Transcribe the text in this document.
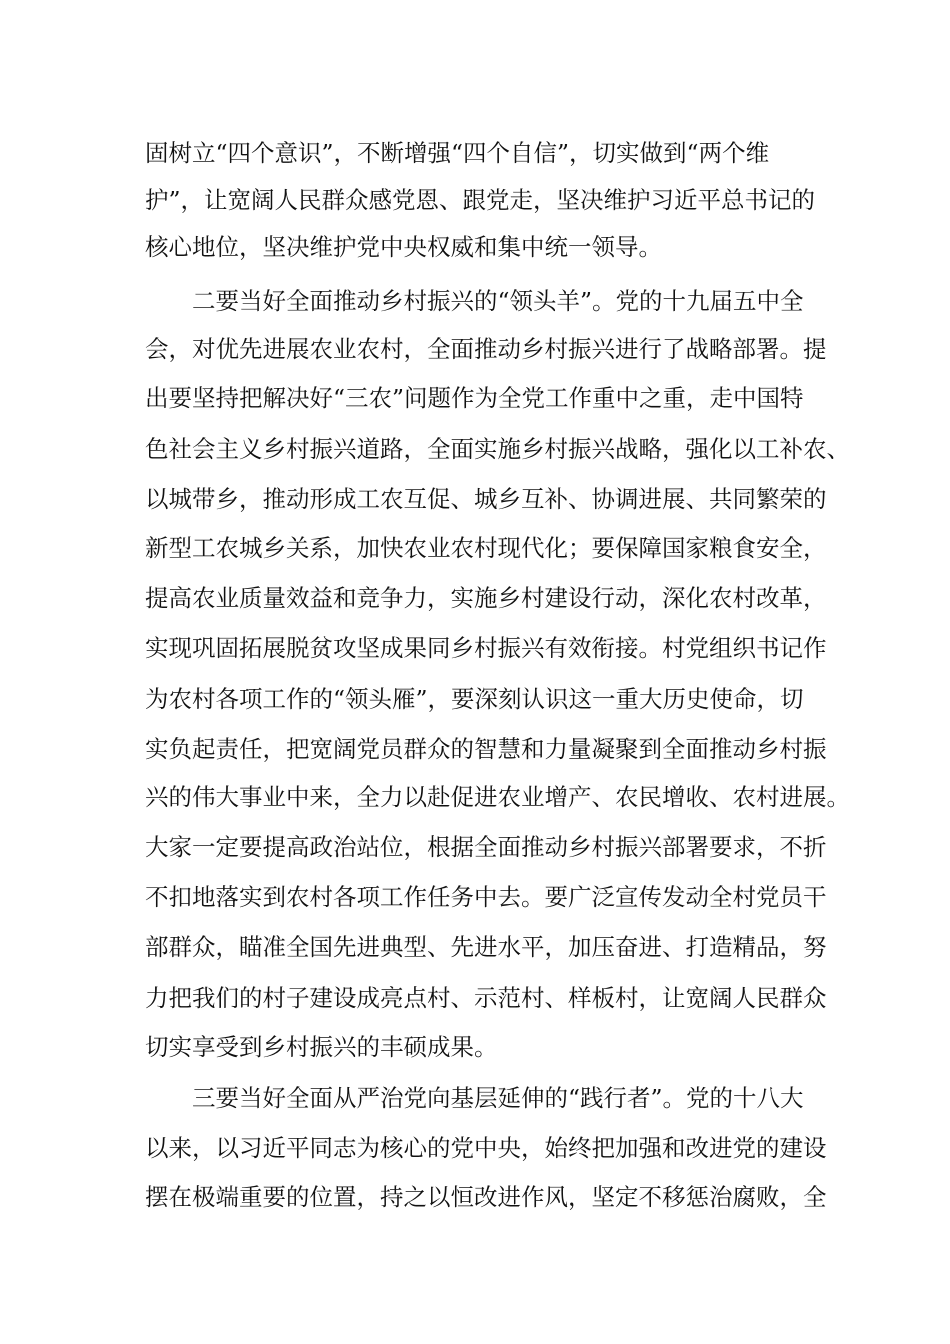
固树立“四个意识”，不断增强“四个自信”，切实做到“两个维
护”，让宽阔人民群众感党恩、跟党走，坚决维护习近平总书记的
核心地位，坚决维护党中央权威和集中统一领导。
二要当好全面推动乡村振兴的“领头羊”。党的十九届五中全
会，对优先进展农业农村，全面推动乡村振兴进行了战略部署。提
出要坚持把解决好“三农”问题作为全党工作重中之重，走中国特
色社会主义乡村振兴道路，全面实施乡村振兴战略，强化以工补农、
以城带乡，推动形成工农互促、城乡互补、协调进展、共同繁荣的
新型工农城乡关系，加快农业农村现代化；要保障国家粮食安全，
提高农业质量效益和竞争力，实施乡村建设行动，深化农村改革，
实现巩固拓展脱贫攻坚成果同乡村振兴有效衔接。村党组织书记作
为农村各项工作的“领头雁”，要深刻认识这一重大历史使命，切
实负起责任，把宽阔党员群众的智慧和力量凝聚到全面推动乡村振
兴的伟大事业中来，全力以赴促进农业增产、农民增收、农村进展。
大家一定要提高政治站位，根据全面推动乡村振兴部署要求，不折
不扣地落实到农村各项工作任务中去。要广泛宣传发动全村党员干
部群众，瞄准全国先进典型、先进水平，加压奋进、打造精品，努
力把我们的村子建设成亮点村、示范村、样板村，让宽阔人民群众
切实享受到乡村振兴的丰硕成果。
三要当好全面从严治党向基层延伸的“践行者”。党的十八大
以来，以习近平同志为核心的党中央，始终把加强和改进党的建设
摆在极端重要的位置，持之以恒改进作风，坚定不移惩治腐败，全
